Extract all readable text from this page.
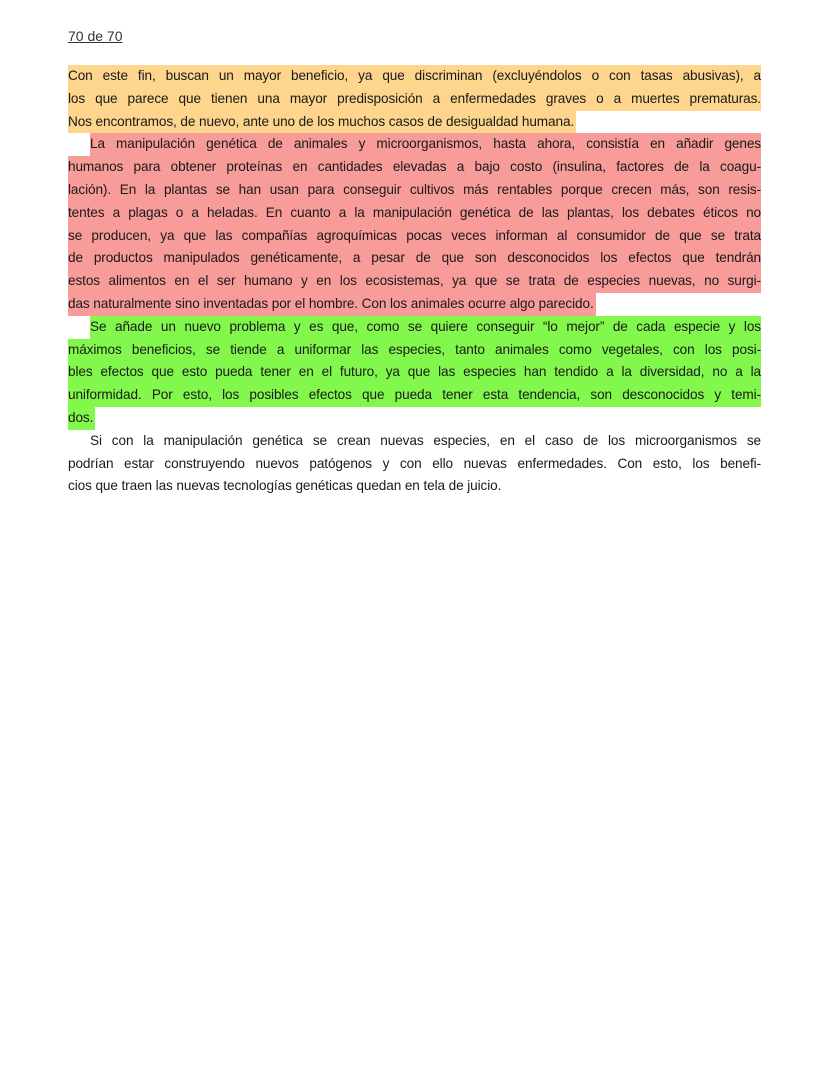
70 de 70
Con este fin, buscan un mayor beneficio, ya que discriminan (excluyéndolos o con tasas abusivas), a
los que parece que tienen una mayor predisposición a enfermedades graves o a muertes prematuras.
Nos encontramos, de nuevo, ante uno de los muchos casos de desigualdad humana.
La manipulación genética de animales y microorganismos, hasta ahora, consistía en añadir genes
humanos para obtener proteínas en cantidades elevadas a bajo costo (insulina, factores de la coagu-
lación). En la plantas se han usan para conseguir cultivos más rentables porque crecen más, son resis-
tentes a plagas o a heladas. En cuanto a la manipulación genética de las plantas, los debates éticos no
se producen, ya que las compañías agroquímicas pocas veces informan al consumidor de que se trata
de productos manipulados genéticamente, a pesar de que son desconocidos los efectos que tendrán
estos alimentos en el ser humano y en los ecosistemas, ya que se trata de especies nuevas, no surgi-
das naturalmente sino inventadas por el hombre. Con los animales ocurre algo parecido.
Se añade un nuevo problema y es que, como se quiere conseguir “lo mejor” de cada especie y los
máximos beneficios, se tiende a uniformar las especies, tanto animales como vegetales, con los posi-
bles efectos que esto pueda tener en el futuro, ya que las especies han tendido a la diversidad, no a la
uniformidad. Por esto, los posibles efectos que pueda tener esta tendencia, son desconocidos y temi-
dos.
Si con la manipulación genética se crean nuevas especies, en el caso de los microorganismos se
podrían estar construyendo nuevos patógenos y con ello nuevas enfermedades. Con esto, los benefi-
cios que traen las nuevas tecnologías genéticas quedan en tela de juicio.
